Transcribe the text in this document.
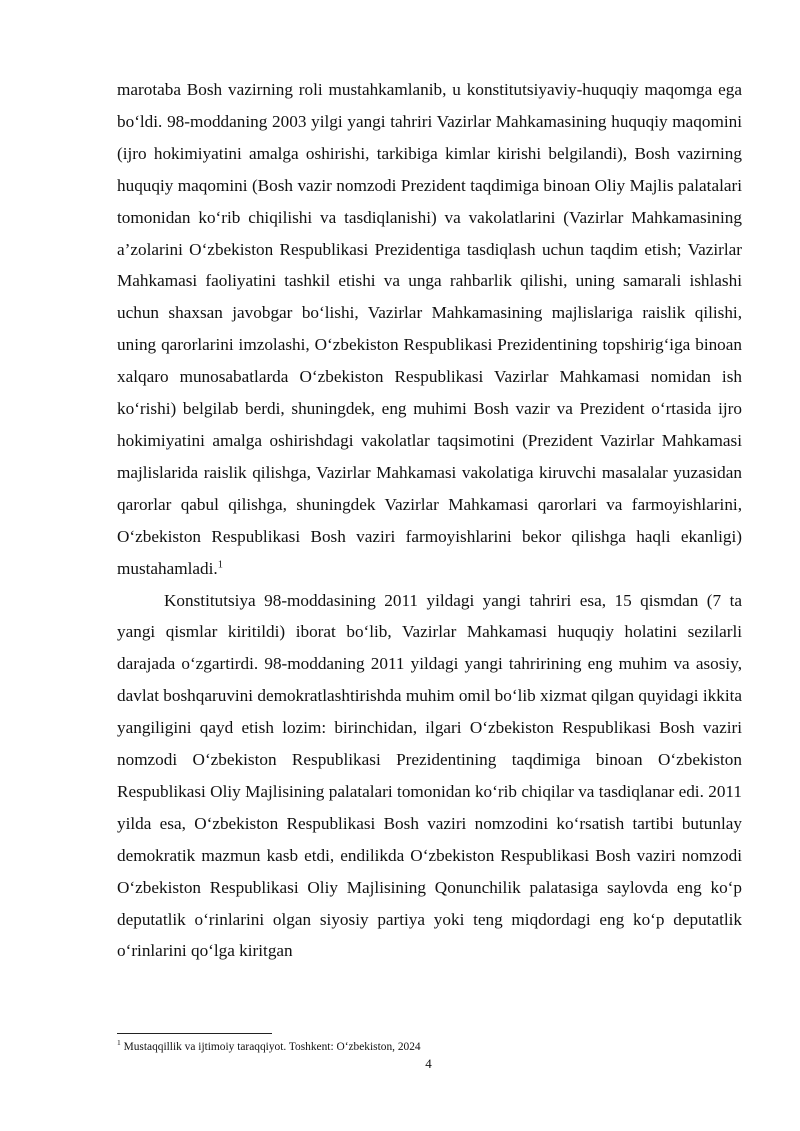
marotaba Bosh vazirning roli mustahkamlanib, u konstitutsiyaviy-huquqiy maqomga ega bo‘ldi. 98-moddaning 2003 yilgi yangi tahriri Vazirlar Mahkamasining huquqiy maqomini (ijro hokimiyatini amalga oshirishi, tarkibiga kimlar kirishi belgilandi), Bosh vazirning huquqiy maqomini (Bosh vazir nomzodi Prezident taqdimiga binoan Oliy Majlis palatalari tomonidan ko‘rib chiqilishi va tasdiqlanishi) va vakolatlarini (Vazirlar Mahkamasining a’zolarini O‘zbekiston Respublikasi Prezidentiga tasdiqlash uchun taqdim etish; Vazirlar Mahkamasi faoliyatini tashkil etishi va unga rahbarlik qilishi, uning samarali ishlashi uchun shaxsan javobgar bo‘lishi, Vazirlar Mahkamasining majlislariga raislik qilishi, uning qarorlarini imzolashi, O‘zbekiston Respublikasi Prezidentining topshirig‘iga binoan xalqaro munosabatlarda O‘zbekiston Respublikasi Vazirlar Mahkamasi nomidan ish ko‘rishi) belgilab berdi, shuningdek, eng muhimi Bosh vazir va Prezident o‘rtasida ijro hokimiyatini amalga oshirishdagi vakolatlar taqsimotini (Prezident Vazirlar Mahkamasi majlislarida raislik qilishga, Vazirlar Mahkamasi vakolatiga kiruvchi masalalar yuzasidan qarorlar qabul qilishga, shuningdek Vazirlar Mahkamasi qarorlari va farmoyishlarini, O‘zbekiston Respublikasi Bosh vaziri farmoyishlarini bekor qilishga haqli ekanligi) mustahamladi.$^1$

Konstitutsiya 98-moddasining 2011 yildagi yangi tahriri esa, 15 qismdan (7 ta yangi qismlar kiritildi) iborat bo‘lib, Vazirlar Mahkamasi huquqiy holatini sezilarli darajada o‘zgartirdi. 98-moddaning 2011 yildagi yangi tahririning eng muhim va asosiy, davlat boshqaruvini demokratlashtirishda muhim omil bo‘lib xizmat qilgan quyidagi ikkita yangiligini qayd etish lozim: birinchidan, ilgari O‘zbekiston Respublikasi Bosh vaziri nomzodi O‘zbekiston Respublikasi Prezidentining taqdimiga binoan O‘zbekiston Respublikasi Oliy Majlisining palatalari tomonidan ko‘rib chiqilar va tasdiqlanar edi. 2011 yilda esa, O‘zbekiston Respublikasi Bosh vaziri nomzodini ko‘rsatish tartibi butunlay demokratik mazmun kasb etdi, endilikda O‘zbekiston Respublikasi Bosh vaziri nomzodi O‘zbekiston Respublikasi Oliy Majlisining Qonunchilik palatasiga saylovda eng ko‘p deputatlik o‘rinlarini olgan siyosiy partiya yoki teng miqdordagi eng ko‘p deputatlik o‘rinlarini qo‘lga kiritgan

$^1$ Mustaqqillik va ijtimoiy taraqqiyot. Toshkent: O‘zbekiston, 2024
4
